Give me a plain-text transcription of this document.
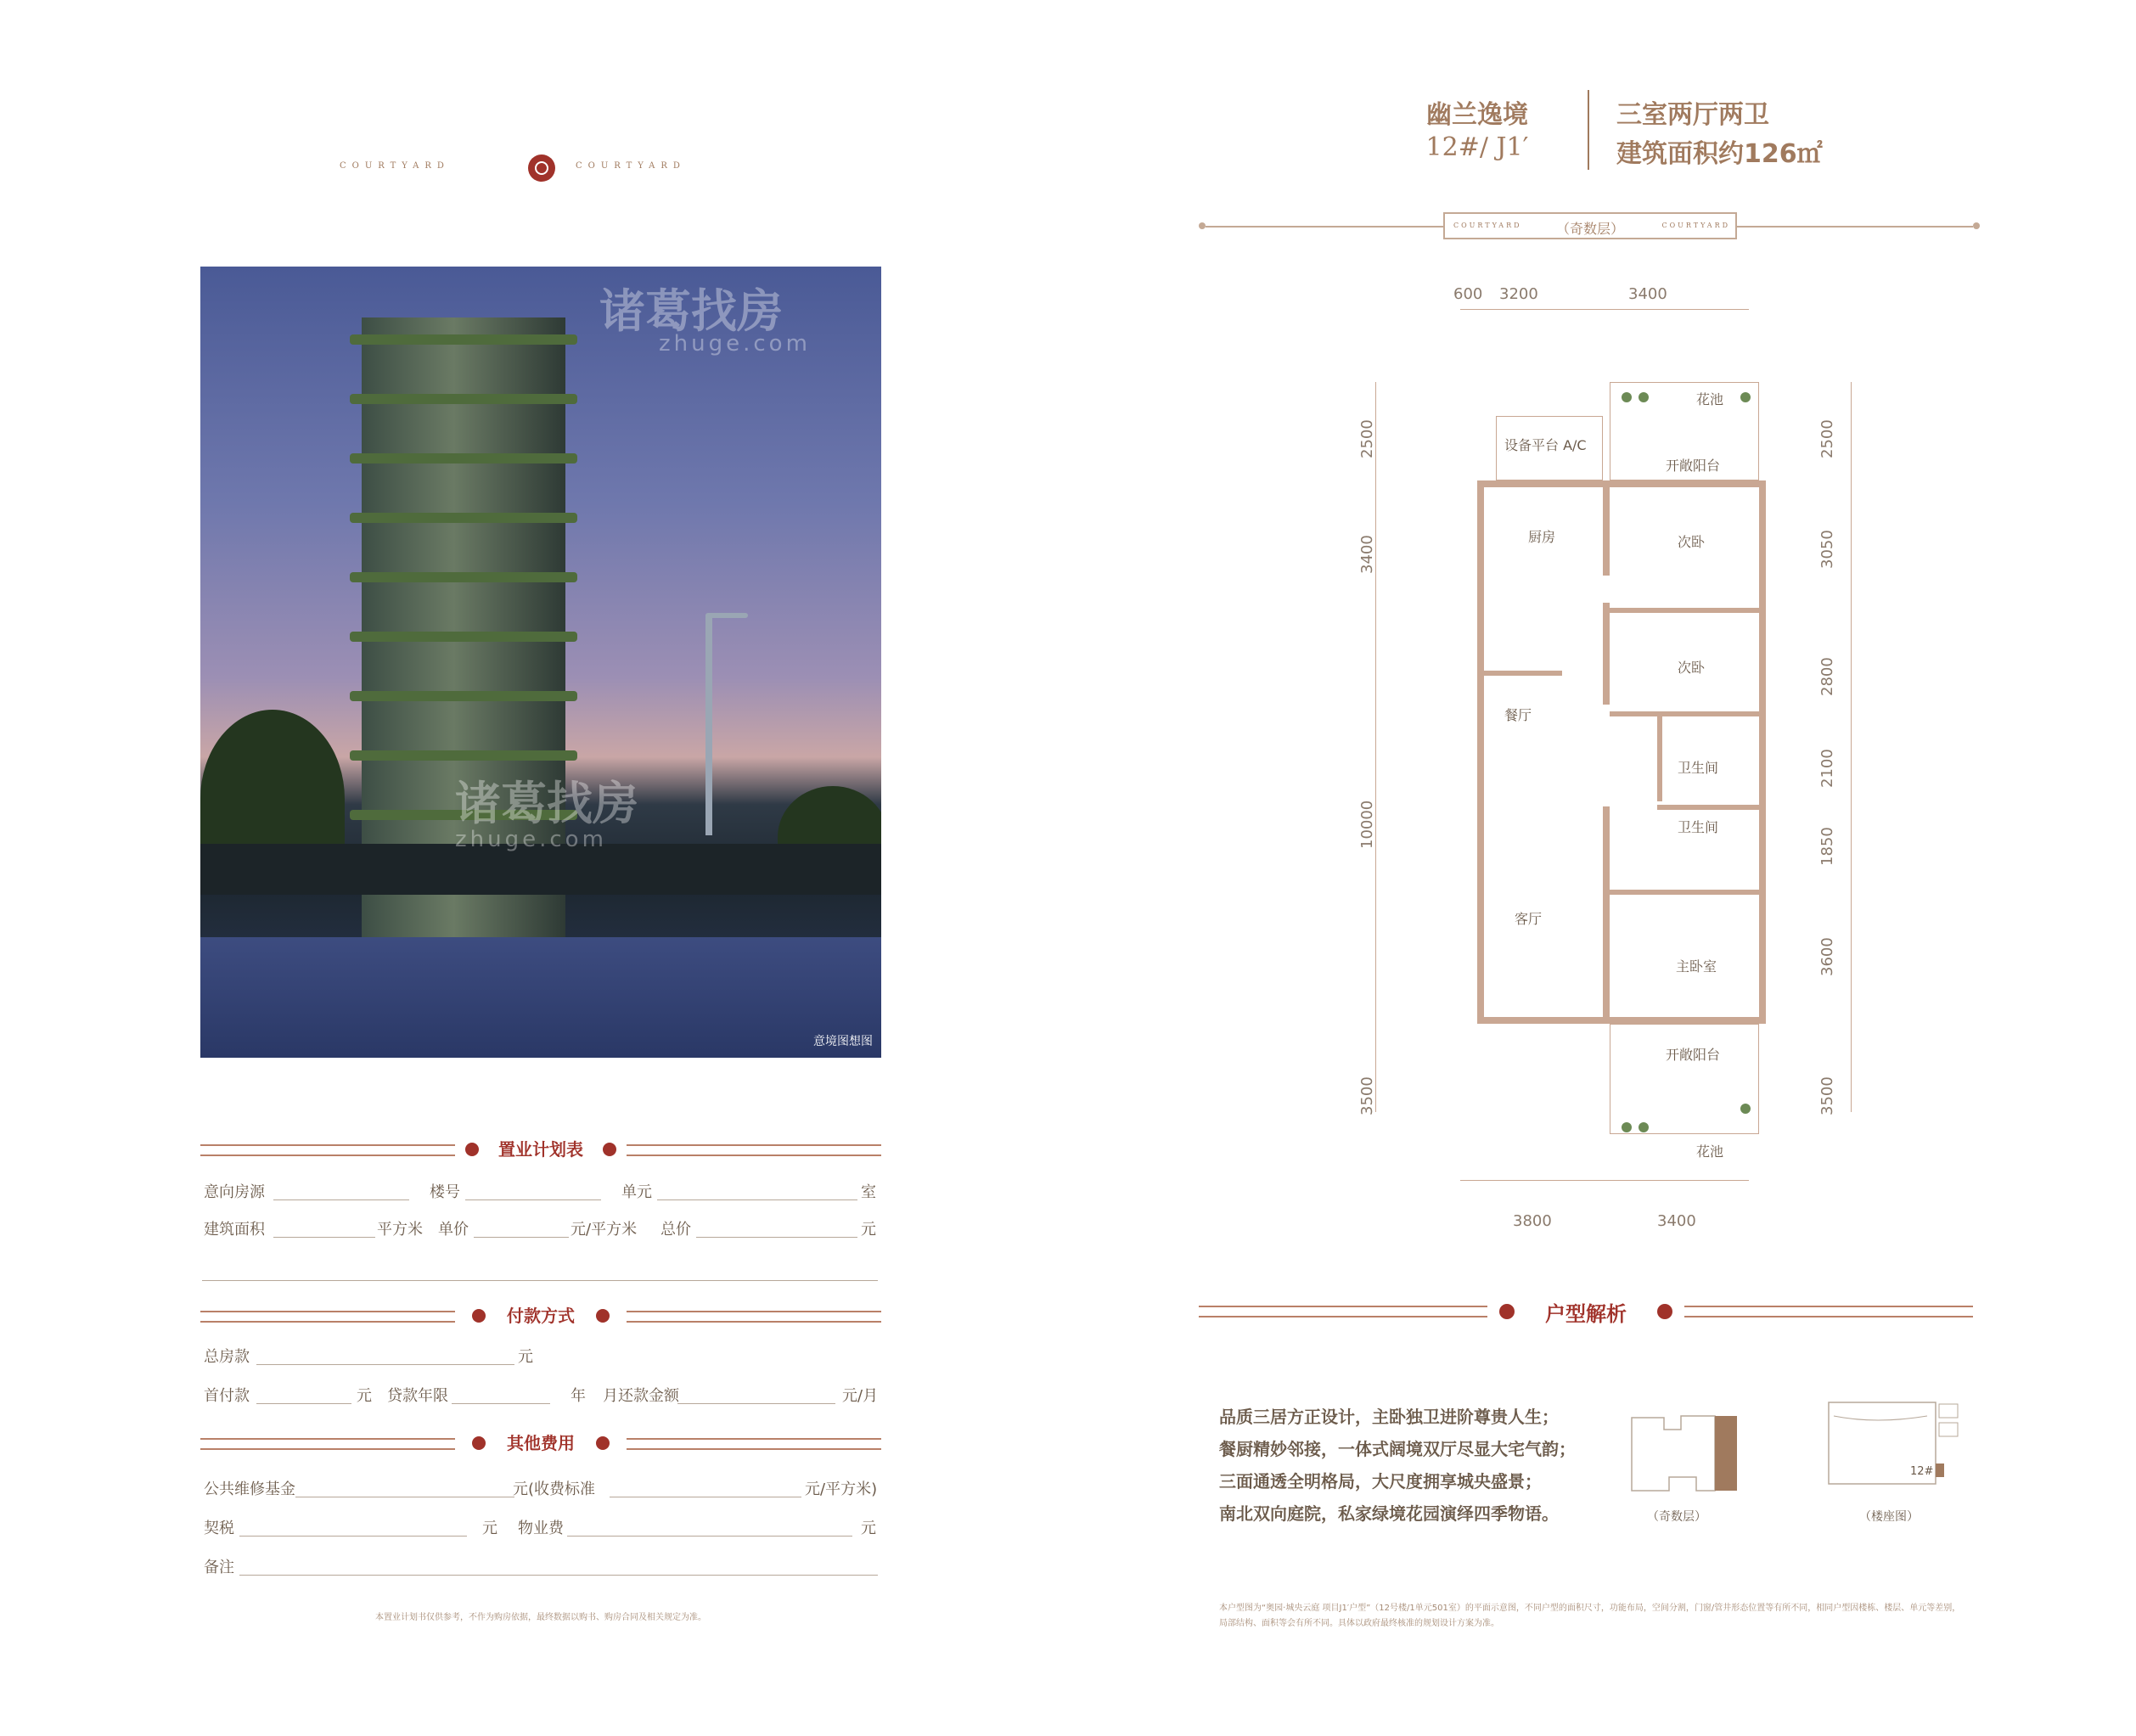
COURTYARD	COURTYARD
诸葛找房
zhuge.com
诸葛找房
zhuge.com
意境图想图
置业计划表
意向房源	楼号	单元	室
建筑面积	平方米 单价	元/平方米 总价	元
付款方式
总房款	元
首付款	元 贷款年限	年 月还款金额	元/月
其他费用
公共维修基金	元(收费标准	元/平方米)
契税	元 物业费	元
备注
本置业计划书仅供参考，不作为购房依据，最终数据以购书、购房合同及相关规定为准。
幽兰逸境
12#/ J1′
三室两厅两卫
建筑面积约126㎡
COURTYARD	（奇数层）	COURTYARD
600 3200	3400
3800	3400
2500
3400
10000
3500
2500
3050
2800
2100
1850
3600
3500
花池
设备平台 A/C
开敞阳台
厨房	次卧
次卧
餐厅
卫生间
卫生间
客厅
主卧室
开敞阳台
花池
户型解析
品质三居方正设计，主卧独卫进阶尊贵人生；
餐厨精妙邻接，一体式阔境双厅尽显大宅气韵；
三面通透全明格局，大尺度拥享城央盛景；
南北双向庭院，私家绿境花园演绎四季物语。	（奇数层）
12#
（楼座图）
本户型图为“奥园·城央云庭 项目J1′户型”（12号楼/1单元501室）的平面示意图，不同户型的面积尺寸，功能布局，空间分割，门窗/管井形态位置等有所不同，相同户型因楼栋、楼层、单元等差别，局部结构、面积等会有所不同。具体以政府最终核准的规划设计方案为准。
